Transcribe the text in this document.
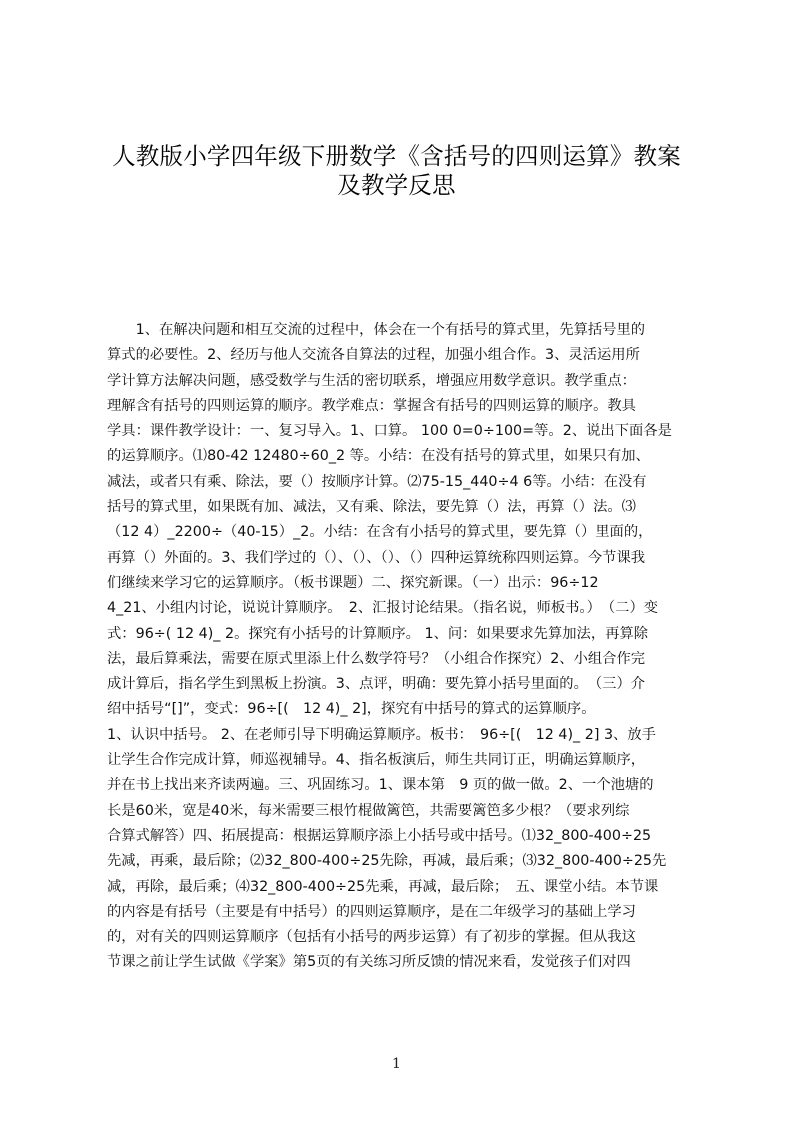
人教版小学四年级下册数学《含括号的四则运算》教案
及教学反思
　　1、在解决问题和相互交流的过程中，体会在一个有括号的算式里，先算括号里的
算式的必要性。2、经历与他人交流各自算法的过程，加强小组合作。3、灵活运用所
学计算方法解决问题，感受数学与生活的密切联系，增强应用数学意识。教学重点：
理解含有括号的四则运算的顺序。教学难点：掌握含有括号的四则运算的顺序。教具
学具：课件教学设计：一、复习导入。1、口算。 100 0=0÷100=等。2、说出下面各是
的运算顺序。⑴80-42 12480÷60_2 等。小结：在没有括号的算式里，如果只有加、
减法，或者只有乘、除法，要（）按顺序计算。⑵75-15_440÷4 6等。小结：在没有
括号的算式里，如果既有加、减法，又有乘、除法，要先算（）法，再算（）法。⑶
（12 4）_2200÷（40-15）_2。小结：在含有小括号的算式里，要先算（）里面的，
再算（）外面的。3、我们学过的（）、（）、（）、（）四种运算统称四则运算。今节课我
们继续来学习它的运算顺序。（板书课题）二、探究新课。（一）出示：96÷12
4_21、小组内讨论，说说计算顺序。　2、汇报讨论结果。（指名说，师板书。）　（二）变
式：96÷( 12 4)_ 2。探究有小括号的计算顺序。 1、问：如果要求先算加法，再算除
法，最后算乘法，需要在原式里添上什么数学符号？（小组合作探究）2、小组合作完
成计算后，指名学生到黑板上扮演。3、点评，明确：要先算小括号里面的。　（三）介
绍中括号“[]”，变式：96÷[(　12 4)_ 2]，探究有中括号的算式的运算顺序。
1、认识中括号。 2、在老师引导下明确运算顺序。板书：　96÷[(　12 4)_ 2] 3、放手
让学生合作完成计算，师巡视辅导。4、指名板演后，师生共同订正，明确运算顺序，
并在书上找出来齐读两遍。三、巩固练习。1、课本第　9 页的做一做。2、一个池塘的
长是60米，宽是40米，每米需要三根竹棍做篱笆，共需要篱笆多少根？（要求列综
合算式解答）四、拓展提高：根据运算顺序添上小括号或中括号。⑴32_800-400÷25
先减，再乘，最后除；⑵32_800-400÷25先除，再减，最后乘；⑶32_800-400÷25先
减，再除，最后乘；⑷32_800-400÷25先乘，再减，最后除；　五、课堂小结。本节课
的内容是有括号（主要是有中括号）的四则运算顺序，是在二年级学习的基础上学习
的，对有关的四则运算顺序（包括有小括号的两步运算）有了初步的掌握。但从我这
节课之前让学生试做《学案》第5页的有关练习所反馈的情况来看，发觉孩子们对四
1
